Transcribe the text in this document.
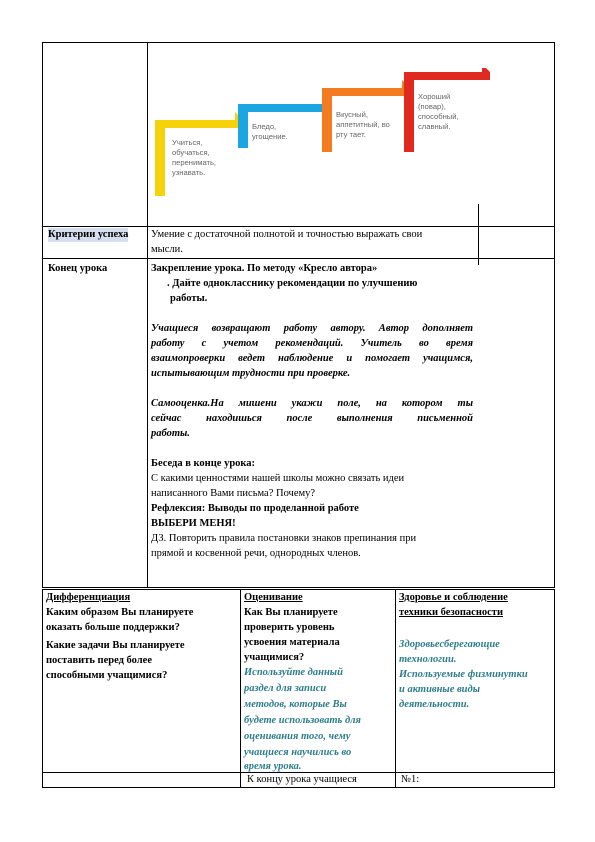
Учиться,
обучаться,
перенимать,
узнавать.
Бледо,
угощение.
Вкусный,
аппетитный, во
рту тает.
Хороший
(повар),
способный,
славный.
Критерии успеха Умение с достаточной полнотой и точностью выражать свои
мысли.
Конец урока	Закрепление урока. По методу «Кресло автора»
. Дайте однокласснику рекомендации по улучшению
работы.
Учащиеся возвращают работу автору. Автор дополняет
работу с учетом рекомендаций. Учитель во время
взаимопроверки ведет наблюдение и помогает учащимся,
испытывающим трудности при проверке.
Самооценка.На мишени укажи поле, на котором ты
сейчас находишься после выполнения письменной
работы.
Беседа в конце урока:
С какими ценностями нашей школы можно связать идеи
написанного Вами письма? Почему?
Рефлексия: Выводы по проделанной работе
ВЫБЕРИ МЕНЯ!
ДЗ. Повторить правила постановки знаков препинания при
прямой и косвенной речи, однородных членов.
Дифференциация
Каким образом Вы планируете
оказать больше поддержки?
Какие задачи Вы планируете
поставить перед более
способными учащимися?
Оценивание
Как Вы планируете
проверить уровень
усвоения материала
учащимися?
Используйте данный
раздел для записи
методов, которые Вы
будете использовать для
оценивания того, чему
учащиеся научились во
время урока.
Здоровье и соблюдение
техники безопасности
Здоровьесберегающие
технологии.
Используемые физминутки
и активные виды
деятельности.
К концу урока учащиеся	№1:
